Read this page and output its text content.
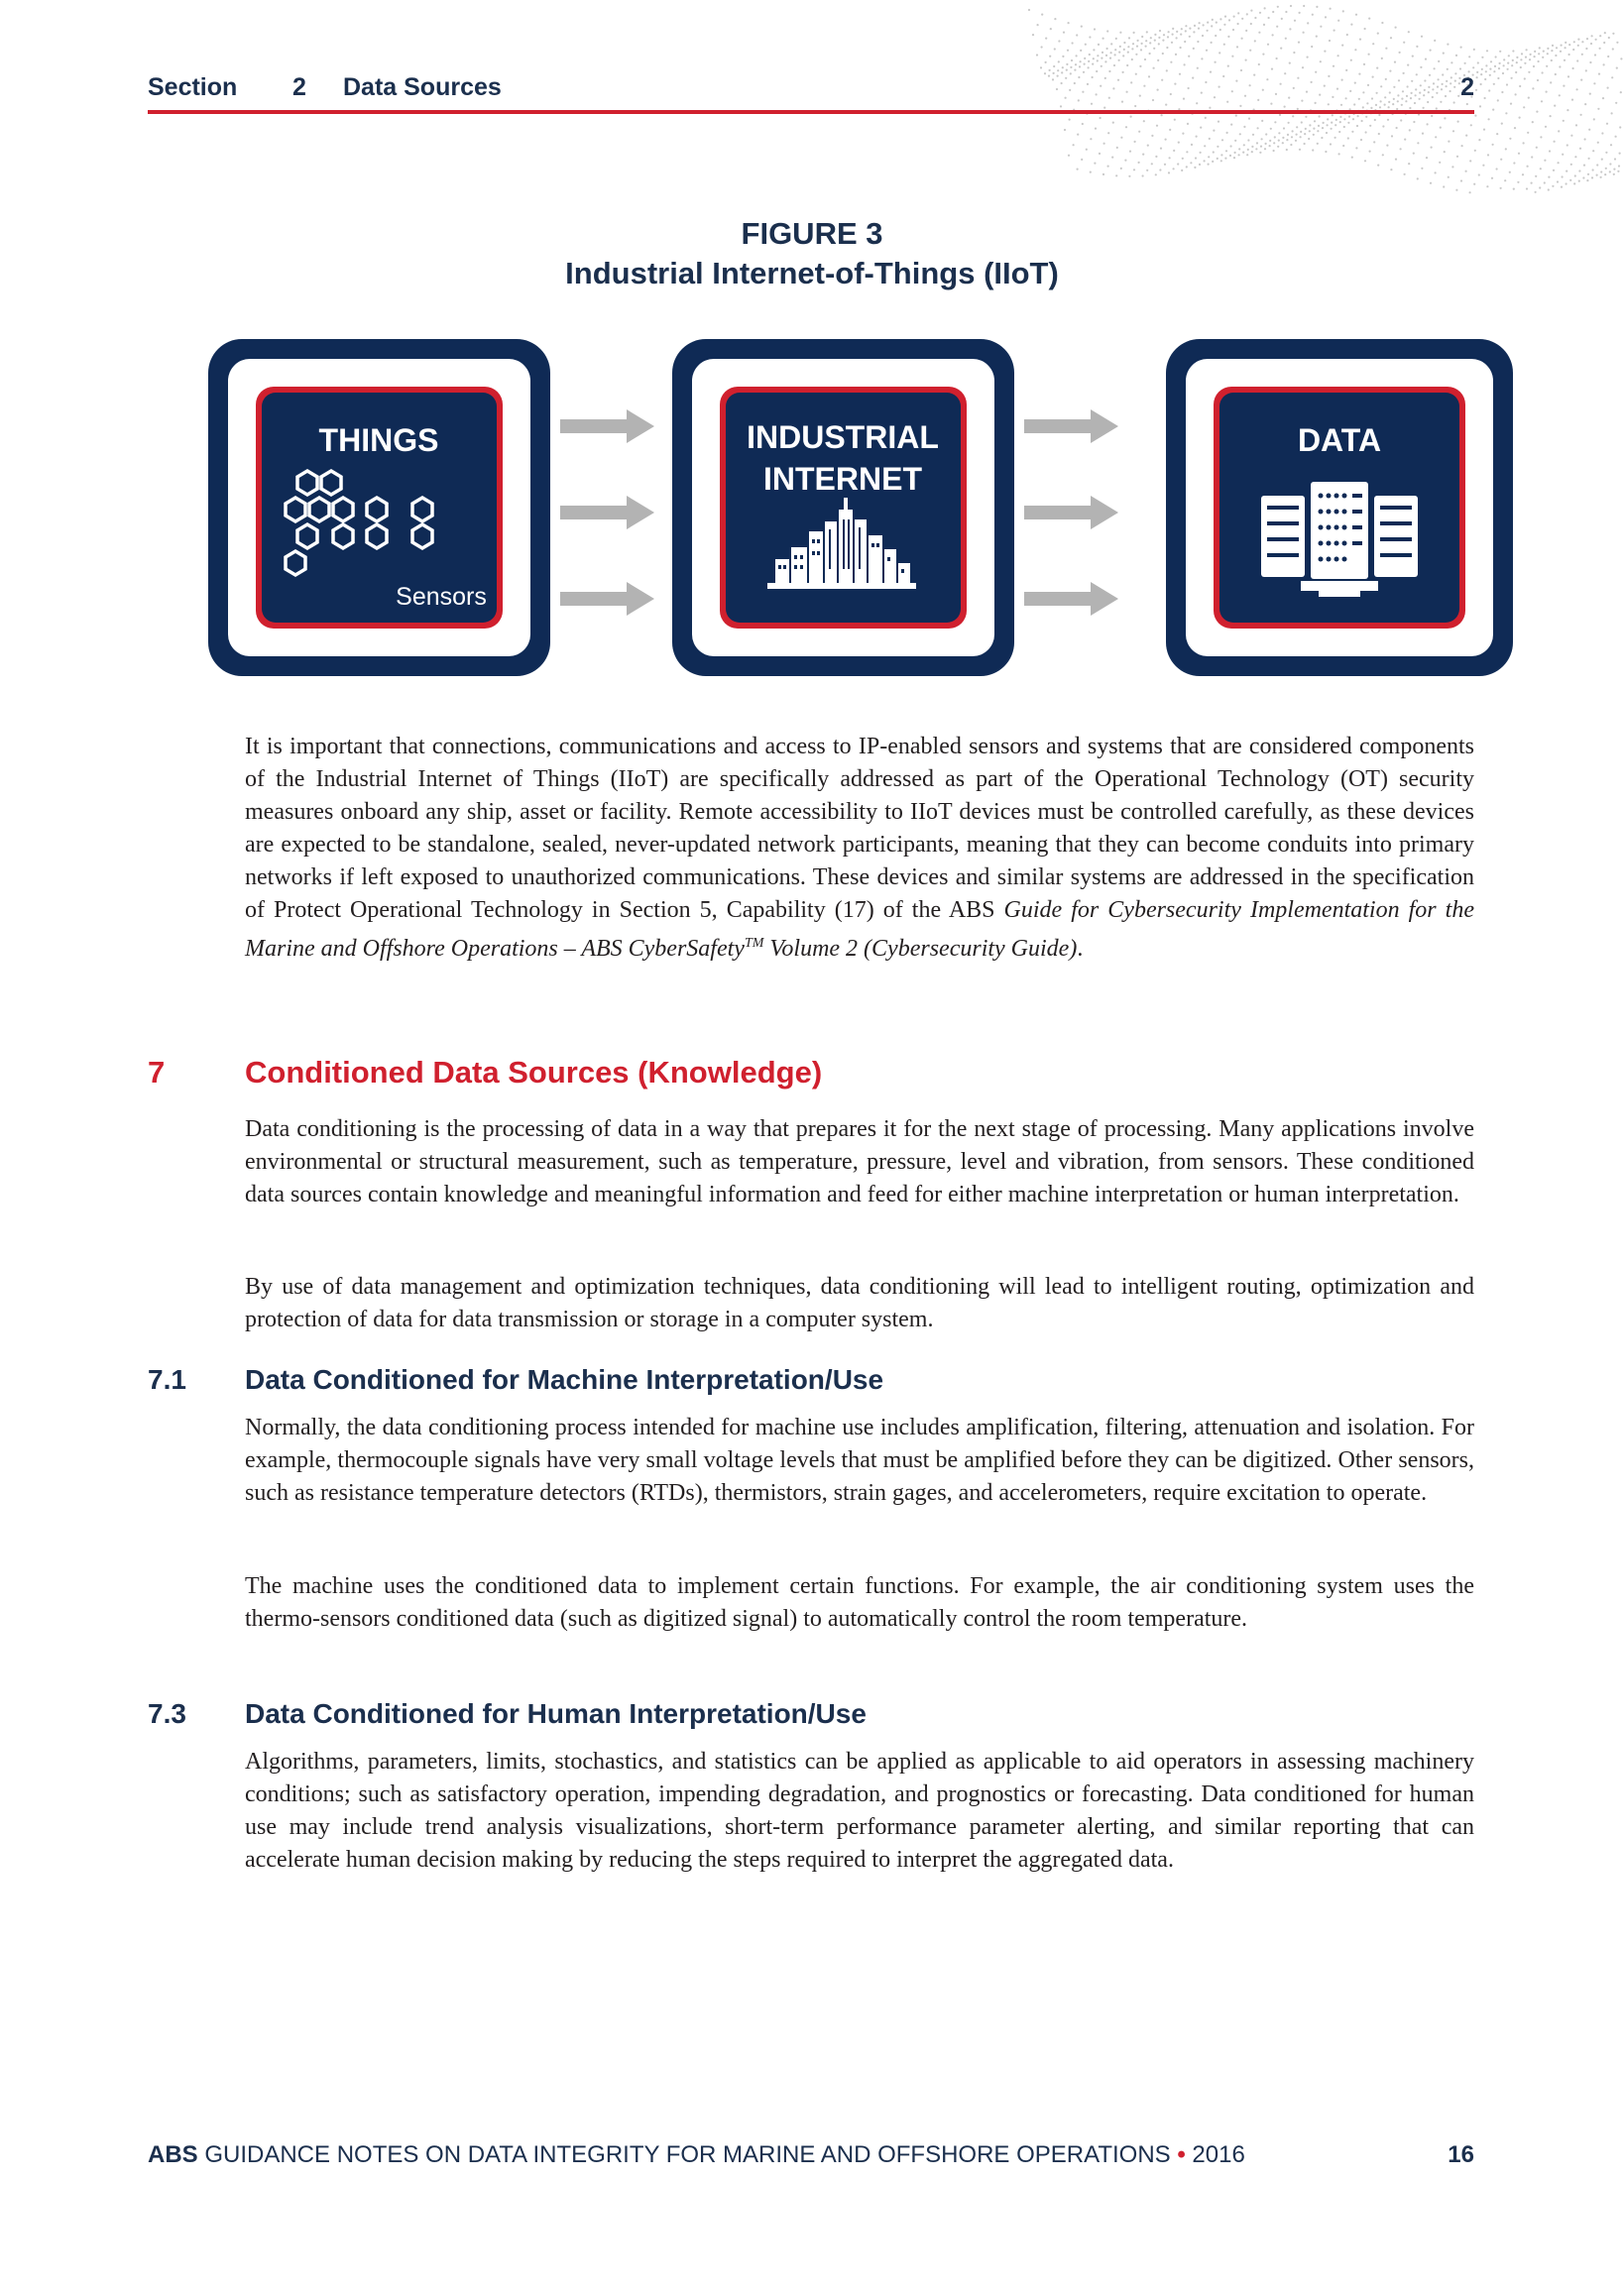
Section 2 Data Sources	2
FIGURE 3
Industrial Internet-of-Things (IIoT)
THINGS
Sensors
INDUSTRIAL
INTERNET
DATA

It is important that connections, communications and access to IP-enabled sensors and systems that are considered components of the Industrial Internet of Things (IIoT) are specifically addressed as part of the Operational Technology (OT) security measures onboard any ship, asset or facility. Remote accessibility to IIoT devices must be controlled carefully, as these devices are expected to be standalone, sealed, never-updated network participants, meaning that they can become conduits into primary networks if left exposed to unauthorized communications. These devices and similar systems are addressed in the specification of Protect Operational Technology in Section 5, Capability (17) of the ABS Guide for Cybersecurity Implementation for the Marine and Offshore Operations – ABS CyberSafety™ Volume 2 (Cybersecurity Guide).

7	Conditioned Data Sources (Knowledge)
Data conditioning is the processing of data in a way that prepares it for the next stage of processing. Many applications involve environmental or structural measurement, such as temperature, pressure, level and vibration, from sensors. These conditioned data sources contain knowledge and meaningful information and feed for either machine interpretation or human interpretation.
By use of data management and optimization techniques, data conditioning will lead to intelligent routing, optimization and protection of data for data transmission or storage in a computer system.
7.1 Data Conditioned for Machine Interpretation/Use
Normally, the data conditioning process intended for machine use includes amplification, filtering, attenuation and isolation. For example, thermocouple signals have very small voltage levels that must be amplified before they can be digitized. Other sensors, such as resistance temperature detectors (RTDs), thermistors, strain gages, and accelerometers, require excitation to operate.
The machine uses the conditioned data to implement certain functions. For example, the air conditioning system uses the thermo-sensors conditioned data (such as digitized signal) to automatically control the room temperature.
7.3 Data Conditioned for Human Interpretation/Use
Algorithms, parameters, limits, stochastics, and statistics can be applied as applicable to aid operators in assessing machinery conditions; such as satisfactory operation, impending degradation, and prognostics or forecasting. Data conditioned for human use may include trend analysis visualizations, short-term performance parameter alerting, and similar reporting that can accelerate human decision making by reducing the steps required to interpret the aggregated data.
ABS GUIDANCE NOTES ON DATA INTEGRITY FOR MARINE AND OFFSHORE OPERATIONS • 2016	16
